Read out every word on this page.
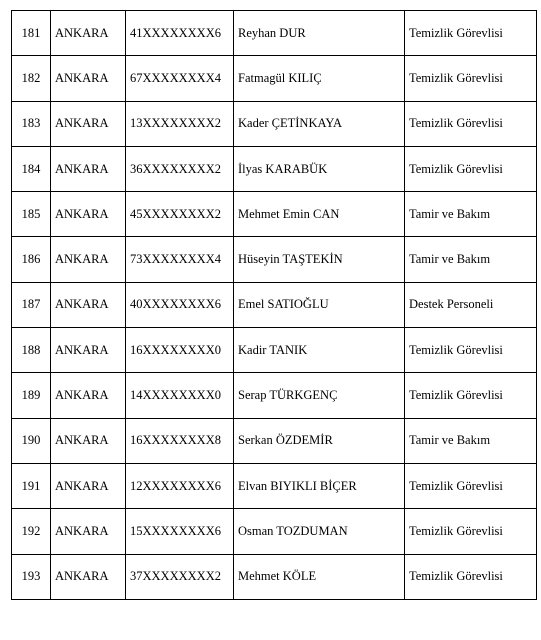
181	ANKARA	41XXXXXXXX6	Reyhan DUR	Temizlik Görevlisi
182	ANKARA	67XXXXXXXX4	Fatmagül KILIÇ	Temizlik Görevlisi
183	ANKARA	13XXXXXXXX2	Kader ÇETİNKAYA	Temizlik Görevlisi
184	ANKARA	36XXXXXXXX2	İlyas KARABÜK	Temizlik Görevlisi
185	ANKARA	45XXXXXXXX2	Mehmet Emin CAN	Tamir ve Bakım
186	ANKARA	73XXXXXXXX4	Hüseyin TAŞTEKİN	Tamir ve Bakım
187	ANKARA	40XXXXXXXX6	Emel SATIOĞLU	Destek Personeli
188	ANKARA	16XXXXXXXX0	Kadir TANIK	Temizlik Görevlisi
189	ANKARA	14XXXXXXXX0	Serap TÜRKGENÇ	Temizlik Görevlisi
190	ANKARA	16XXXXXXXX8	Serkan ÖZDEMİR	Tamir ve Bakım
191	ANKARA	12XXXXXXXX6	Elvan BIYIKLI BİÇER	Temizlik Görevlisi
192	ANKARA	15XXXXXXXX6	Osman TOZDUMAN	Temizlik Görevlisi
193	ANKARA	37XXXXXXXX2	Mehmet KÖLE	Temizlik Görevlisi
